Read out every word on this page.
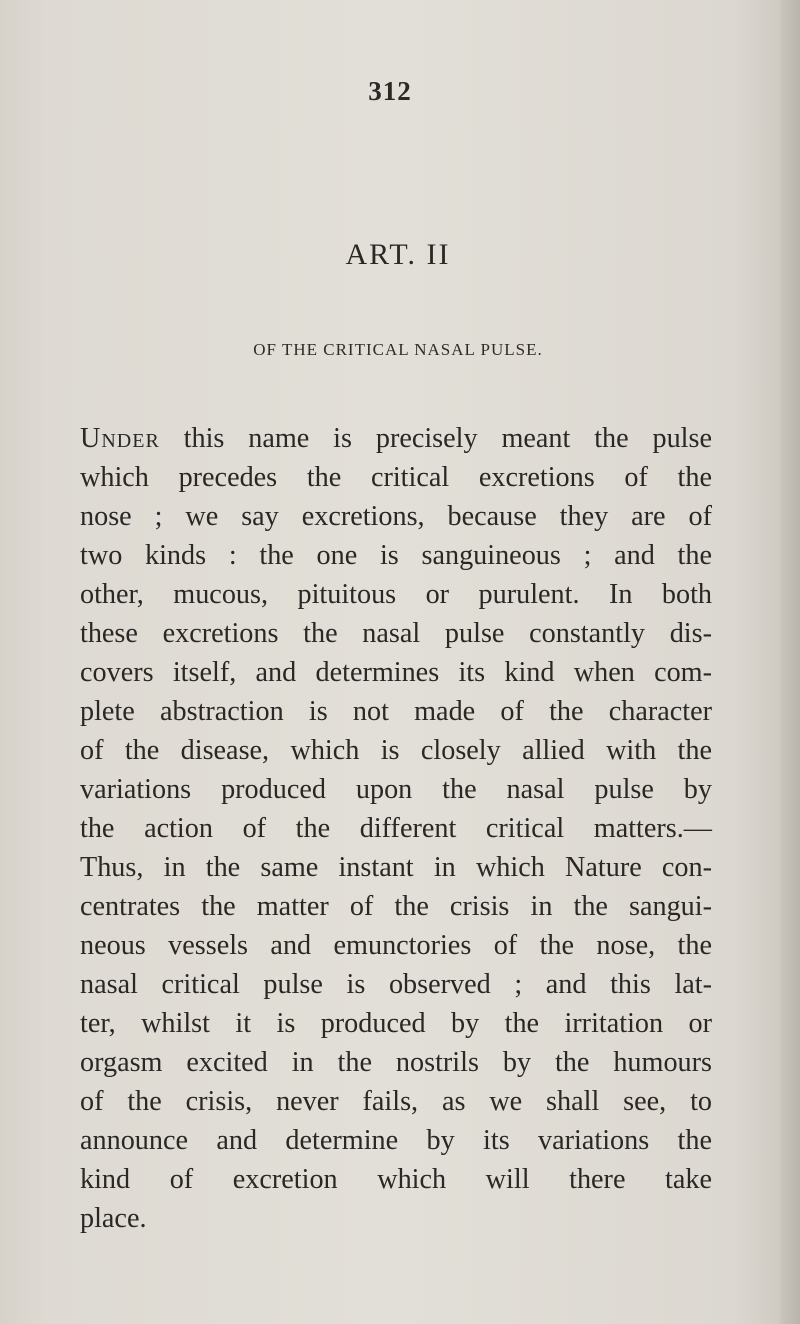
312
ART. II
OF THE CRITICAL NASAL PULSE.
Under this name is precisely meant the pulse
which precedes the critical excretions of the
nose ; we say excretions, because they are of
two kinds : the one is sanguineous ; and the
other, mucous, pituitous or purulent. In both
these excretions the nasal pulse constantly dis-
covers itself, and determines its kind when com-
plete abstraction is not made of the character
of the disease, which is closely allied with the
variations produced upon the nasal pulse by
the action of the different critical matters.—
Thus, in the same instant in which Nature con-
centrates the matter of the crisis in the sangui-
neous vessels and emunctories of the nose, the
nasal critical pulse is observed ; and this lat-
ter, whilst it is produced by the irritation or
orgasm excited in the nostrils by the humours
of the crisis, never fails, as we shall see, to
announce and determine by its variations the
kind of excretion which will there take
place.
